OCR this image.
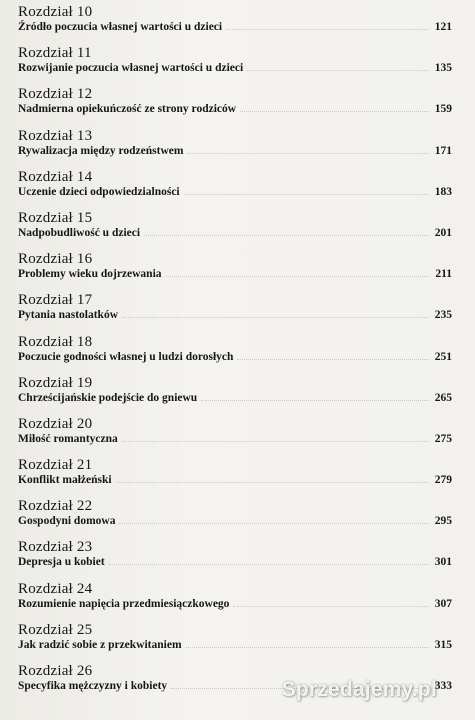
Rozdział 10
Źródło poczucia własnej wartości u dzieci	121
Rozdział 11
Rozwijanie poczucia własnej wartości u dzieci	135
Rozdział 12
Nadmierna opiekuńczość ze strony rodziców	159
Rozdział 13
Rywalizacja między rodzeństwem	171
Rozdział 14
Uczenie dzieci odpowiedzialności	183
Rozdział 15
Nadpobudliwość u dzieci	201
Rozdział 16
Problemy wieku dojrzewania	211
Rozdział 17
Pytania nastolatków	235
Rozdział 18
Poczucie godności własnej u ludzi dorosłych	251
Rozdział 19
Chrześcijańskie podejście do gniewu	265
Rozdział 20
Miłość romantyczna	275
Rozdział 21
Konflikt małżeński	279
Rozdział 22
Gospodyni domowa	295
Rozdział 23
Depresja u kobiet	301
Rozdział 24
Rozumienie napięcia przedmiesiączkowego	307
Rozdział 25
Jak radzić sobie z przekwitaniem	315
Rozdział 26
Specyfika mężczyzny i kobiety	333
Sprzedajemy.pl
